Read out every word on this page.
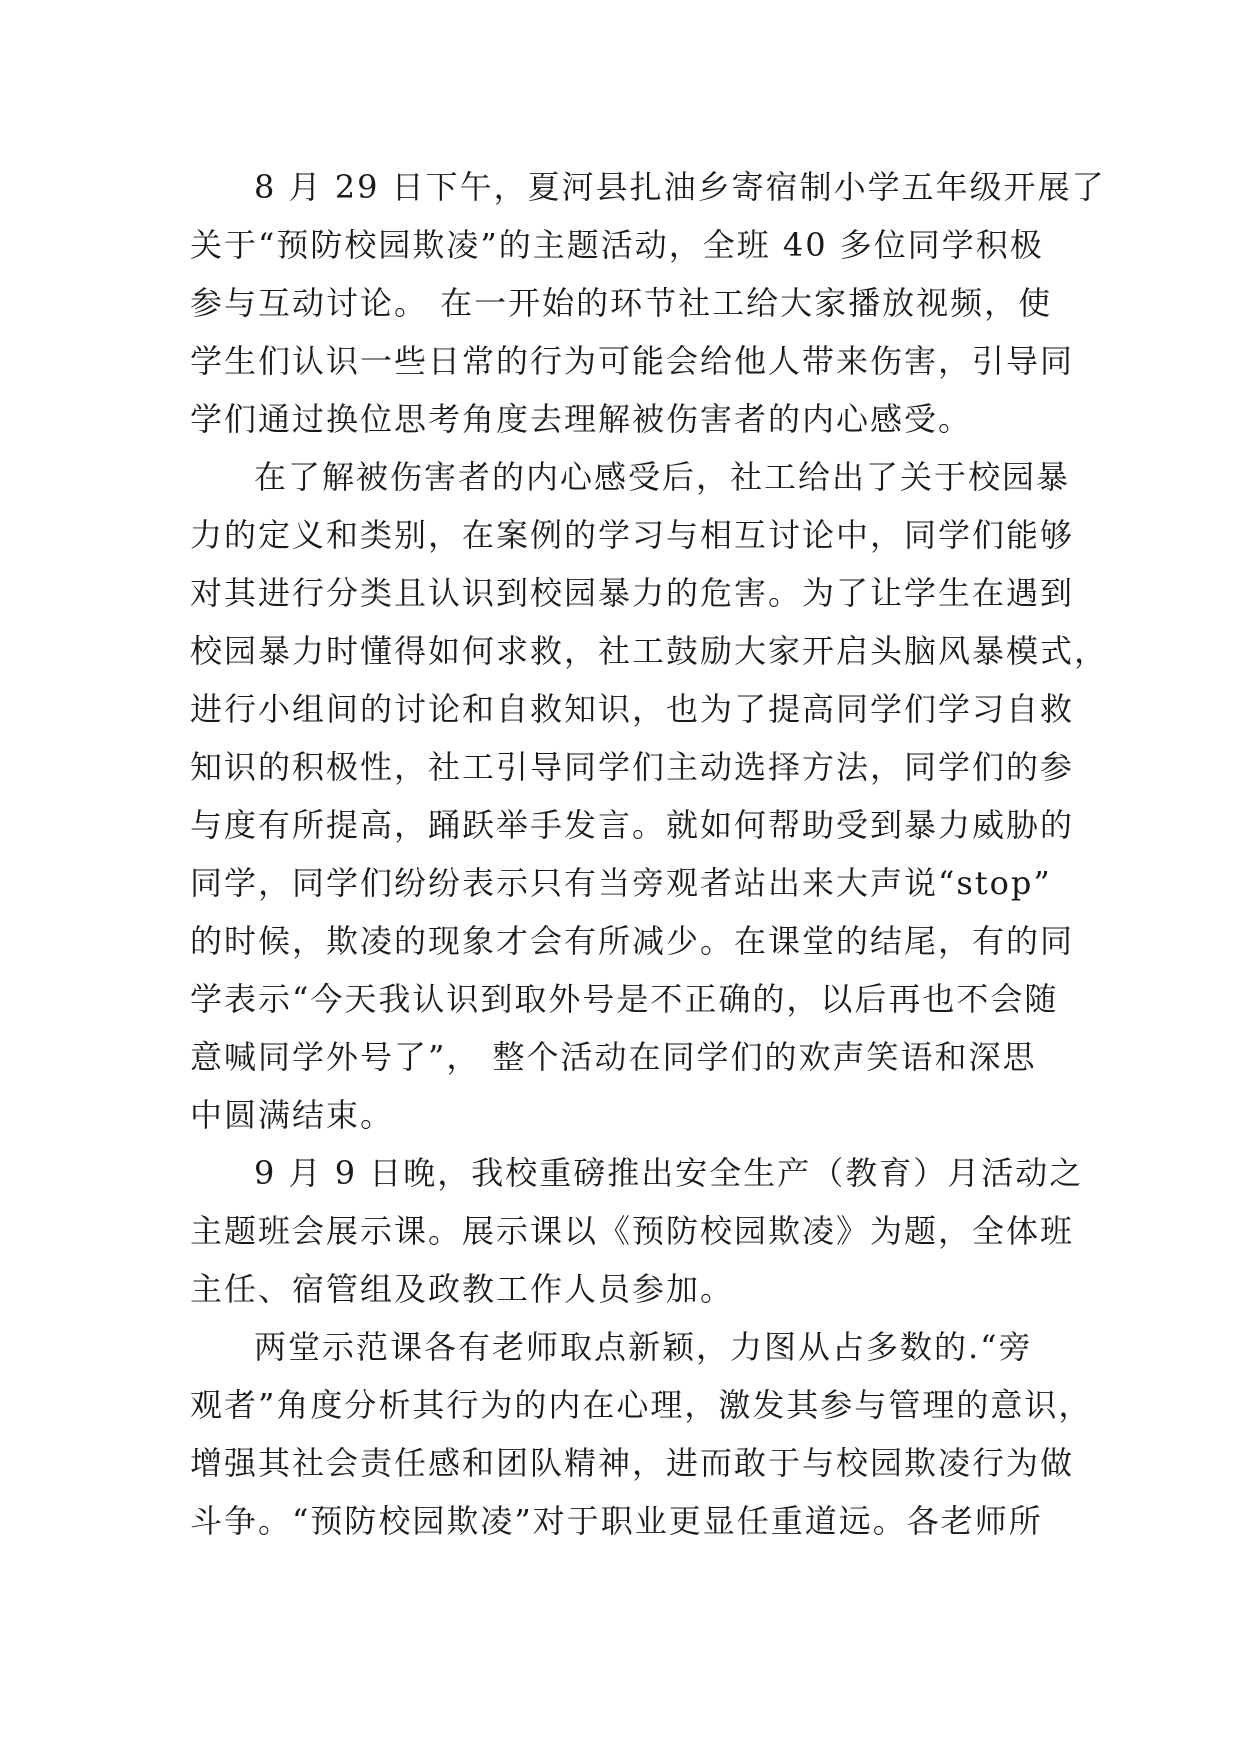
8 月 29 日下午，夏河县扎油乡寄宿制小学五年级开展了
关于“预防校园欺凌”的主题活动，全班 40 多位同学积极
参与互动讨论。 在一开始的环节社工给大家播放视频，使
学生们认识一些日常的行为可能会给他人带来伤害，引导同
学们通过换位思考角度去理解被伤害者的内心感受。
在了解被伤害者的内心感受后，社工给出了关于校园暴
力的定义和类别，在案例的学习与相互讨论中，同学们能够
对其进行分类且认识到校园暴力的危害。为了让学生在遇到
校园暴力时懂得如何求救，社工鼓励大家开启头脑风暴模式，
进行小组间的讨论和自救知识，也为了提高同学们学习自救
知识的积极性，社工引导同学们主动选择方法，同学们的参
与度有所提高，踊跃举手发言。就如何帮助受到暴力威胁的
同学，同学们纷纷表示只有当旁观者站出来大声说“stop”
的时候，欺凌的现象才会有所减少。在课堂的结尾，有的同
学表示“今天我认识到取外号是不正确的，以后再也不会随
意喊同学外号了”， 整个活动在同学们的欢声笑语和深思
中圆满结束。
9 月 9 日晚，我校重磅推出安全生产（教育）月活动之
主题班会展示课。展示课以《预防校园欺凌》为题，全体班
主任、宿管组及政教工作人员参加。
两堂示范课各有老师取点新颖，力图从占多数的.“旁
观者”角度分析其行为的内在心理，激发其参与管理的意识，
增强其社会责任感和团队精神，进而敢于与校园欺凌行为做
斗争。“预防校园欺凌”对于职业更显任重道远。各老师所
